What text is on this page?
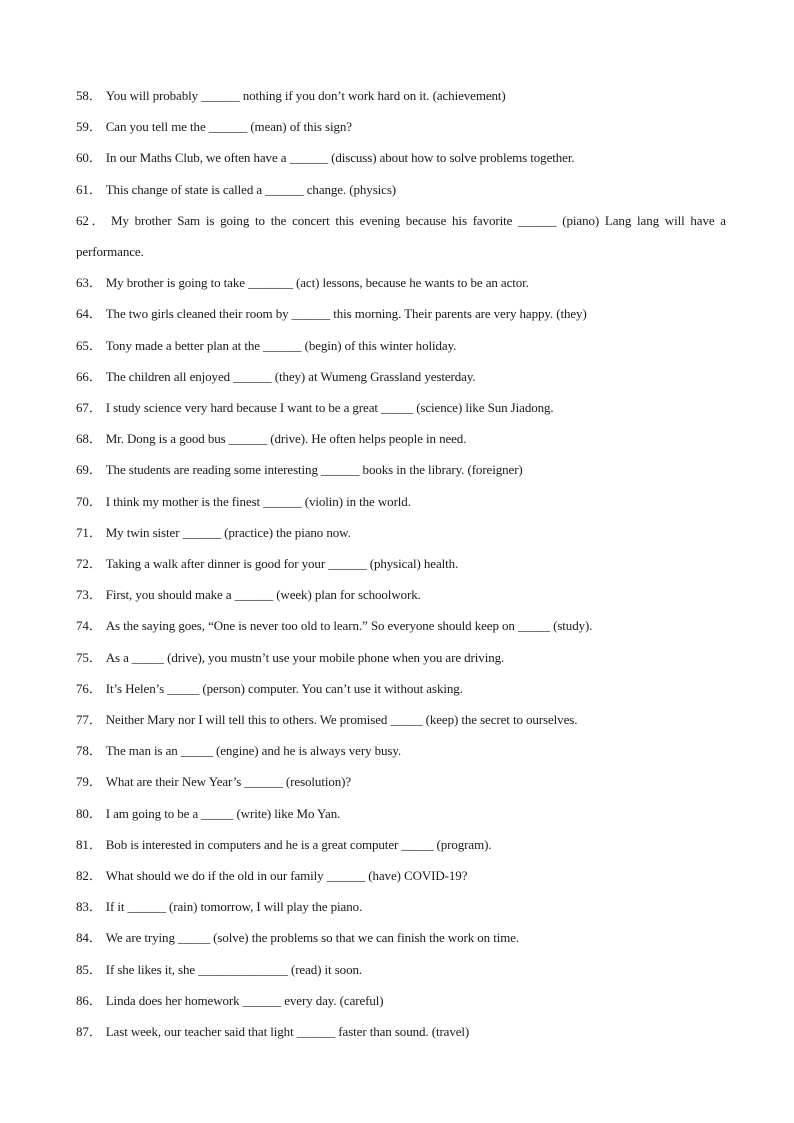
58． You will probably ______ nothing if you don’t work hard on it. (achievement)
59． Can you tell me the ______ (mean) of this sign?
60． In our Maths Club, we often have a ______ (discuss) about how to solve problems together.
61． This change of state is called a ______ change. (physics)
62． My brother Sam is going to the concert this evening because his favorite ______ (piano) Lang lang will have a performance.
63． My brother is going to take _______ (act) lessons, because he wants to be an actor.
64． The two girls cleaned their room by ______ this morning. Their parents are very happy. (they)
65． Tony made a better plan at the ______ (begin) of this winter holiday.
66． The children all enjoyed ______ (they) at Wumeng Grassland yesterday.
67． I study science very hard because I want to be a great _____ (science) like Sun Jiadong.
68． Mr. Dong is a good bus ______ (drive). He often helps people in need.
69． The students are reading some interesting ______ books in the library. (foreigner)
70． I think my mother is the finest ______ (violin) in the world.
71． My twin sister ______ (practice) the piano now.
72． Taking a walk after dinner is good for your ______ (physical) health.
73． First, you should make a ______ (week) plan for schoolwork.
74． As the saying goes, “One is never too old to learn.” So everyone should keep on _____ (study).
75． As a _____ (drive), you mustn’t use your mobile phone when you are driving.
76． It’s Helen’s _____ (person) computer. You can’t use it without asking.
77． Neither Mary nor I will tell this to others. We promised _____ (keep) the secret to ourselves.
78． The man is an _____ (engine) and he is always very busy.
79． What are their New Year’s ______ (resolution)?
80． I am going to be a _____ (write) like Mo Yan.
81． Bob is interested in computers and he is a great computer _____ (program).
82． What should we do if the old in our family ______ (have) COVID-19?
83． If it ______ (rain) tomorrow, I will play the piano.
84． We are trying _____ (solve) the problems so that we can finish the work on time.
85． If she likes it, she ______________ (read) it soon.
86． Linda does her homework ______ every day. (careful)
87． Last week, our teacher said that light ______ faster than sound. (travel)
